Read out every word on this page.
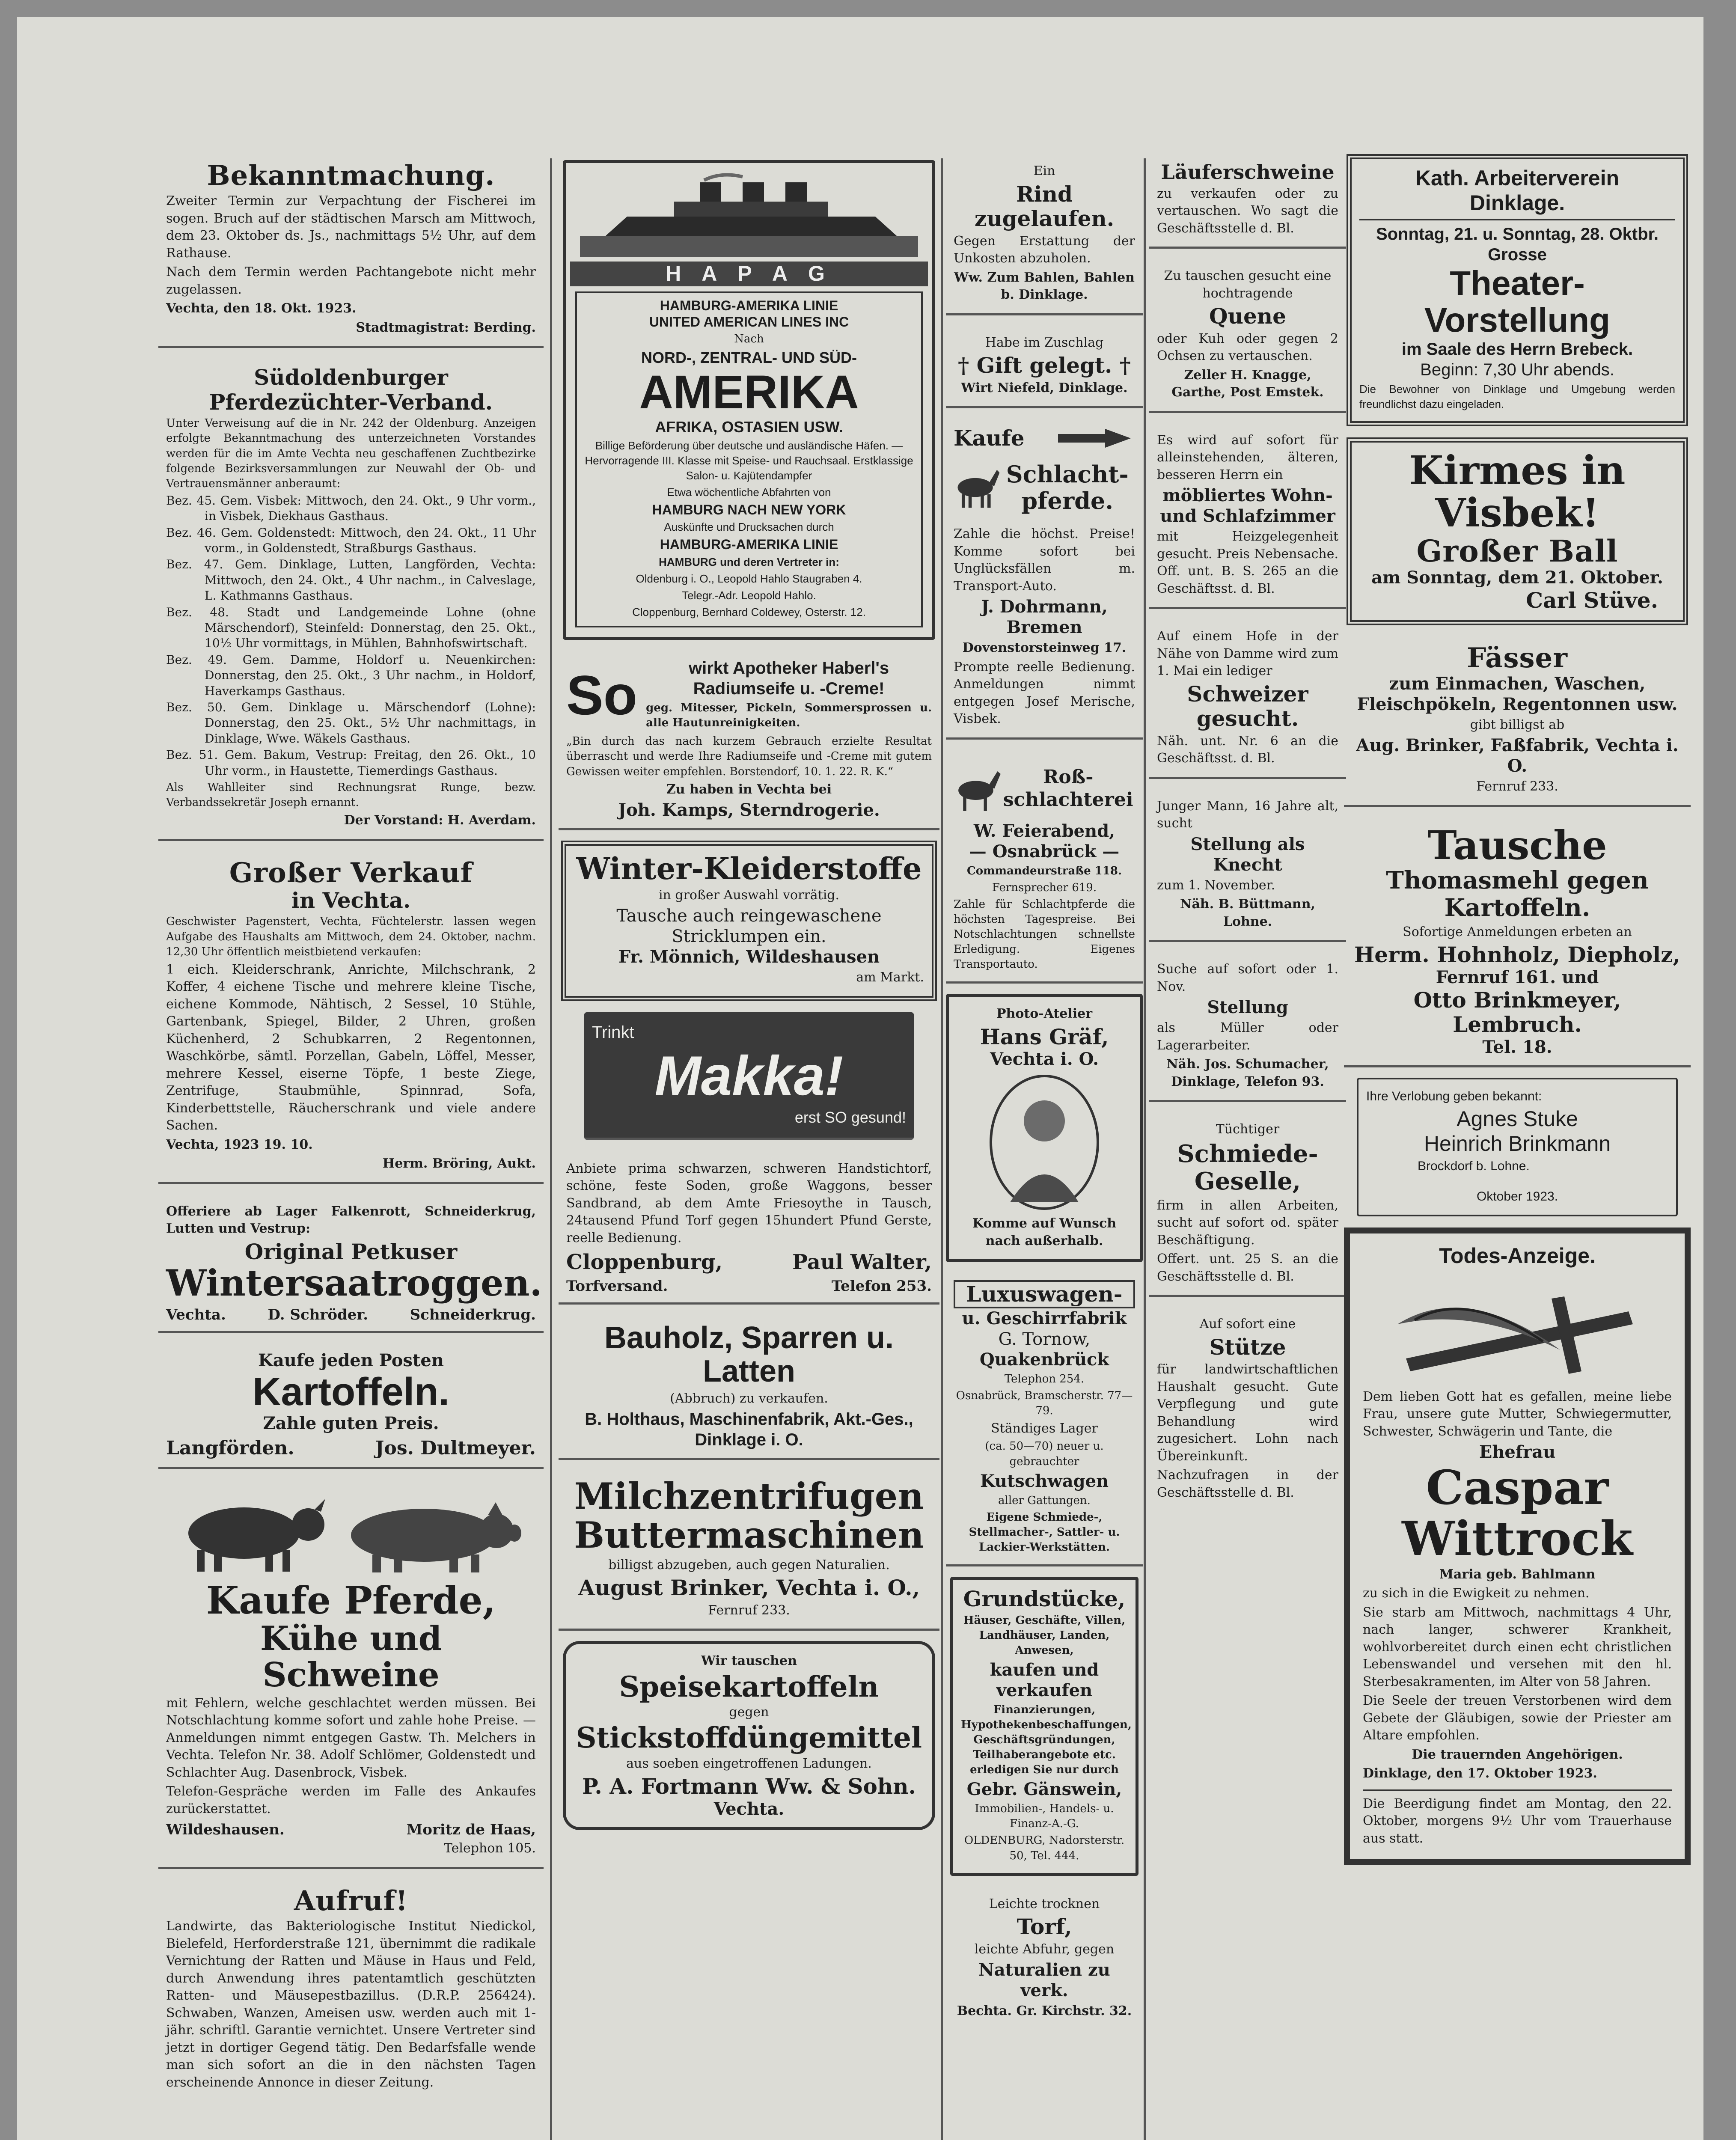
Bekanntmachung.
Zweiter Termin zur Verpachtung der Fischerei im sogen. Bruch auf der städtischen Marsch am Mittwoch, dem 23. Oktober ds. Js., nachmittags 5½ Uhr, auf dem Rathause.
Nach dem Termin werden Pachtangebote nicht mehr zugelassen.
Vechta, den 18. Okt. 1923.
Stadtmagistrat: Berding.
Südoldenburger Pferdezüchter-Verband.
Unter Verweisung auf die in Nr. 242 der Oldenburg. Anzeigen erfolgte Bekanntmachung des unterzeichneten Vorstandes werden für die im Amte Vechta neu geschaffenen Zuchtbezirke folgende Bezirksversammlungen zur Neuwahl der Ob- und Vertrauensmänner anberaumt:
Bez. 45. Gem. Visbek: Mittwoch, den 24. Okt., 9 Uhr vorm., in Visbek, Diekhaus Gasthaus.
Bez. 46. Gem. Goldenstedt: Mittwoch, den 24. Okt., 11 Uhr vorm., in Goldenstedt, Straßburgs Gasthaus.
Bez. 47. Gem. Dinklage, Lutten, Langförden, Vechta: Mittwoch, den 24. Okt., 4 Uhr nachm., in Calveslage, L. Kathmanns Gasthaus.
Bez. 48. Stadt und Landgemeinde Lohne (ohne Märschendorf), Steinfeld: Donnerstag, den 25. Okt., 10½ Uhr vormittags, in Mühlen, Bahnhofswirtschaft.
Bez. 49. Gem. Damme, Holdorf u. Neuenkirchen: Donnerstag, den 25. Okt., 3 Uhr nachm., in Holdorf, Haverkamps Gasthaus.
Bez. 50. Gem. Dinklage u. Märschendorf (Lohne): Donnerstag, den 25. Okt., 5½ Uhr nachmittags, in Dinklage, Wwe. Wäkels Gasthaus.
Bez. 51. Gem. Bakum, Vestrup: Freitag, den 26. Okt., 10 Uhr vorm., in Haustette, Tiemerdings Gasthaus.
Als Wahlleiter sind Rechnungsrat Runge, bezw. Verbandssekretär Joseph ernannt.
Der Vorstand: H. Averdam.
Großer Verkauf
in Vechta.
Geschwister Pagenstert, Vechta, Füchtelerstr. lassen wegen Aufgabe des Haushalts am Mittwoch, dem 24. Oktober, nachm. 12,30 Uhr öffentlich meistbietend verkaufen:
1 eich. Kleiderschrank, Anrichte, Milchschrank, 2 Koffer, 4 eichene Tische und mehrere kleine Tische, eichene Kommode, Nähtisch, 2 Sessel, 10 Stühle, Gartenbank, Spiegel, Bilder, 2 Uhren, großen Küchenherd, 2 Schubkarren, 2 Regentonnen, Waschkörbe, sämtl. Porzellan, Gabeln, Löffel, Messer, mehrere Kessel, eiserne Töpfe, 1 beste Ziege, Zentrifuge, Staubmühle, Spinnrad, Sofa, Kinderbettstelle, Räucherschrank und viele andere Sachen.
Vechta, 1923 19. 10.
Herm. Bröring, Aukt.
Offeriere ab Lager Falkenrott, Schneiderkrug, Lutten und Vestrup:
Original Petkuser
Wintersaatroggen.
Vechta.	D. Schröder.	Schneiderkrug.
Kaufe jeden Posten
Kartoffeln.
Zahle guten Preis.
Langförden.	Jos. Dultmeyer.
Kaufe Pferde,
Kühe und Schweine
mit Fehlern, welche geschlachtet werden müssen. Bei Notschlachtung komme sofort und zahle hohe Preise. — Anmeldungen nimmt entgegen Gastw. Th. Melchers in Vechta. Telefon Nr. 38. Adolf Schlömer, Goldenstedt und Schlachter Aug. Dasenbrock, Visbek.
Telefon-Gespräche werden im Falle des Ankaufes zurückerstattet.
Wildeshausen.	Moritz de Haas,
Telephon 105.
Aufruf!
Landwirte, das Bakteriologische Institut Niedickol, Bielefeld, Herforderstraße 121, übernimmt die radikale Vernichtung der Ratten und Mäuse in Haus und Feld, durch Anwendung ihres patentamtlich geschützten Ratten- und Mäusepestbazillus. (D.R.P. 256424). Schwaben, Wanzen, Ameisen usw. werden auch mit 1-jähr. schriftl. Garantie vernichtet. Unsere Vertreter sind jetzt in dortiger Gegend tätig. Den Bedarfsfalle wende man sich sofort an die in den nächsten Tagen erscheinende Annonce in dieser Zeitung.
H A P A G
HAMBURG-AMERIKA LINIE
UNITED AMERICAN LINES INC
Nach
NORD-, ZENTRAL- UND SÜD-
AMERIKA
AFRIKA, OSTASIEN USW.
Billige Beförderung über deutsche und ausländische Häfen. — Hervorragende III. Klasse mit Speise- und Rauchsaal. Erstklassige Salon- u. Kajütendampfer
Etwa wöchentliche Abfahrten von
HAMBURG NACH NEW YORK
Auskünfte und Drucksachen durch
HAMBURG-AMERIKA LINIE
HAMBURG und deren Vertreter in:
Oldenburg i. O., Leopold Hahlo Staugraben 4.
Telegr.-Adr. Leopold Hahlo.
Cloppenburg, Bernhard Coldewey, Osterstr. 12.
So	wirkt Apotheker Haberl's
Radiumseife u. -Creme!
geg. Mitesser, Pickeln, Sommersprossen u. alle Hautunreinigkeiten.
„Bin durch das nach kurzem Gebrauch erzielte Resultat überrascht und werde Ihre Radiumseife und -Creme mit gutem Gewissen weiter empfehlen. Borstendorf, 10. 1. 22. R. K.“
Zu haben in Vechta bei
Joh. Kamps, Sterndrogerie.
Winter-Kleiderstoffe
in großer Auswahl vorrätig.
Tausche auch reingewaschene Stricklumpen ein.
Fr. Mönnich, Wildeshausen
am Markt.
Trinkt
Makka!
erst SO gesund!
Anbiete prima schwarzen, schweren Handstichtorf, schöne, feste Soden, große Waggons, besser Sandbrand, ab dem Amte Friesoythe in Tausch, 24tausend Pfund Torf gegen 15hundert Pfund Gerste, reelle Bedienung.
Cloppenburg,	Paul Walter,
Torfversand.	Telefon 253.
Bauholz, Sparren u. Latten
(Abbruch) zu verkaufen.
B. Holthaus, Maschinenfabrik, Akt.-Ges.,
Dinklage i. O.
Milchzentrifugen
Buttermaschinen
billigst abzugeben, auch gegen Naturalien.
August Brinker, Vechta i. O.,
Fernruf 233.
Wir tauschen
Speisekartoffeln
gegen
Stickstoffdüngemittel
aus soeben eingetroffenen Ladungen.
P. A. Fortmann Ww. & Sohn.
Vechta.
Ein
Rind zugelaufen.
Gegen Erstattung der Unkosten abzuholen.
Ww. Zum Bahlen, Bahlen b. Dinklage.
Habe im Zuschlag
† Gift gelegt. †
Wirt Niefeld, Dinklage.
Kaufe
Schlacht-pferde.
Zahle die höchst. Preise! Komme sofort bei Unglücksfällen m. Transport-Auto.
J. Dohrmann, Bremen
Dovenstorsteinweg 17.
Prompte reelle Bedienung. Anmeldungen nimmt entgegen Josef Merische, Visbek.
Roß-schlachterei
W. Feierabend,
— Osnabrück —
Commandeurstraße 118.
Fernsprecher 619.
Zahle für Schlachtpferde die höchsten Tagespreise. Bei Notschlachtungen schnellste Erledigung. Eigenes Transportauto.
Photo-Atelier
Hans Gräf,
Vechta i. O.
Komme auf Wunsch nach außerhalb.
Luxuswagen-
u. Geschirrfabrik
G. Tornow,
Quakenbrück
Telephon 254.
Osnabrück, Bramscherstr. 77—79.
Ständiges Lager
(ca. 50—70) neuer u. gebrauchter
Kutschwagen
aller Gattungen.
Eigene Schmiede-, Stellmacher-, Sattler- u. Lackier-Werkstätten.
Grundstücke,
Häuser, Geschäfte, Villen, Landhäuser, Landen, Anwesen,
kaufen und verkaufen
Finanzierungen, Hypothekenbeschaffungen, Geschäftsgründungen, Teilhaberangebote etc. erledigen Sie nur durch
Gebr. Gänswein,
Immobilien-, Handels- u. Finanz-A.-G.
OLDENBURG, Nadorsterstr. 50, Tel. 444.
Leichte trocknen
Torf,
leichte Abfuhr, gegen
Naturalien zu verk.
Bechta. Gr. Kirchstr. 32.
Läuferschweine
zu verkaufen oder zu vertauschen. Wo sagt die Geschäftsstelle d. Bl.
Zu tauschen gesucht eine hochtragende
Quene
oder Kuh oder gegen 2 Ochsen zu vertauschen.
Zeller H. Knagge, Garthe, Post Emstek.
Es wird auf sofort für alleinstehenden, älteren, besseren Herrn ein
möbliertes Wohn- und Schlafzimmer
mit Heizgelegenheit gesucht. Preis Nebensache. Off. unt. B. S. 265 an die Geschäftsst. d. Bl.
Auf einem Hofe in der Nähe von Damme wird zum 1. Mai ein lediger
Schweizer gesucht.
Näh. unt. Nr. 6 an die Geschäftsst. d. Bl.
Junger Mann, 16 Jahre alt, sucht
Stellung als Knecht
zum 1. November.
Näh. B. Büttmann, Lohne.
Suche auf sofort oder 1. Nov.
Stellung
als Müller oder Lagerarbeiter.
Näh. Jos. Schumacher, Dinklage, Telefon 93.
Tüchtiger
Schmiede-Geselle,
firm in allen Arbeiten, sucht auf sofort od. später Beschäftigung.
Offert. unt. 25 S. an die Geschäftsstelle d. Bl.
Auf sofort eine
Stütze
für landwirtschaftlichen Haushalt gesucht. Gute Verpflegung und gute Behandlung wird zugesichert. Lohn nach Übereinkunft.
Nachzufragen in der Geschäftsstelle d. Bl.
Kath. Arbeiterverein
Dinklage.
Sonntag, 21. u. Sonntag, 28. Oktbr.
Grosse
Theater-Vorstellung
im Saale des Herrn Brebeck.
Beginn: 7,30 Uhr abends.
Die Bewohner von Dinklage und Umgebung werden freundlichst dazu eingeladen.
Kirmes in Visbek!
Großer Ball
am Sonntag, dem 21. Oktober.
Carl Stüve.
Fässer
zum Einmachen, Waschen, Fleischpökeln, Regentonnen usw.
gibt billigst ab
Aug. Brinker, Faßfabrik, Vechta i. O.
Fernruf 233.
Tausche
Thomasmehl gegen Kartoffeln.
Sofortige Anmeldungen erbeten an
Herm. Hohnholz, Diepholz,
Fernruf 161. und
Otto Brinkmeyer, Lembruch.
Tel. 18.
Ihre Verlobung geben bekannt:
Agnes Stuke
Heinrich Brinkmann
Brockdorf b. Lohne.
Oktober 1923.
Todes-Anzeige.
Dem lieben Gott hat es gefallen, meine liebe Frau, unsere gute Mutter, Schwiegermutter, Schwester, Schwägerin und Tante, die
Ehefrau
Caspar Wittrock
Maria geb. Bahlmann
zu sich in die Ewigkeit zu nehmen.
Sie starb am Mittwoch, nachmittags 4 Uhr, nach langer, schwerer Krankheit, wohlvorbereitet durch einen echt christlichen Lebenswandel und versehen mit den hl. Sterbesakramenten, im Alter von 58 Jahren.
Die Seele der treuen Verstorbenen wird dem Gebete der Gläubigen, sowie der Priester am Altare empfohlen.
Die trauernden Angehörigen.
Dinklage, den 17. Oktober 1923.
Die Beerdigung findet am Montag, den 22. Oktober, morgens 9½ Uhr vom Trauerhause aus statt.
